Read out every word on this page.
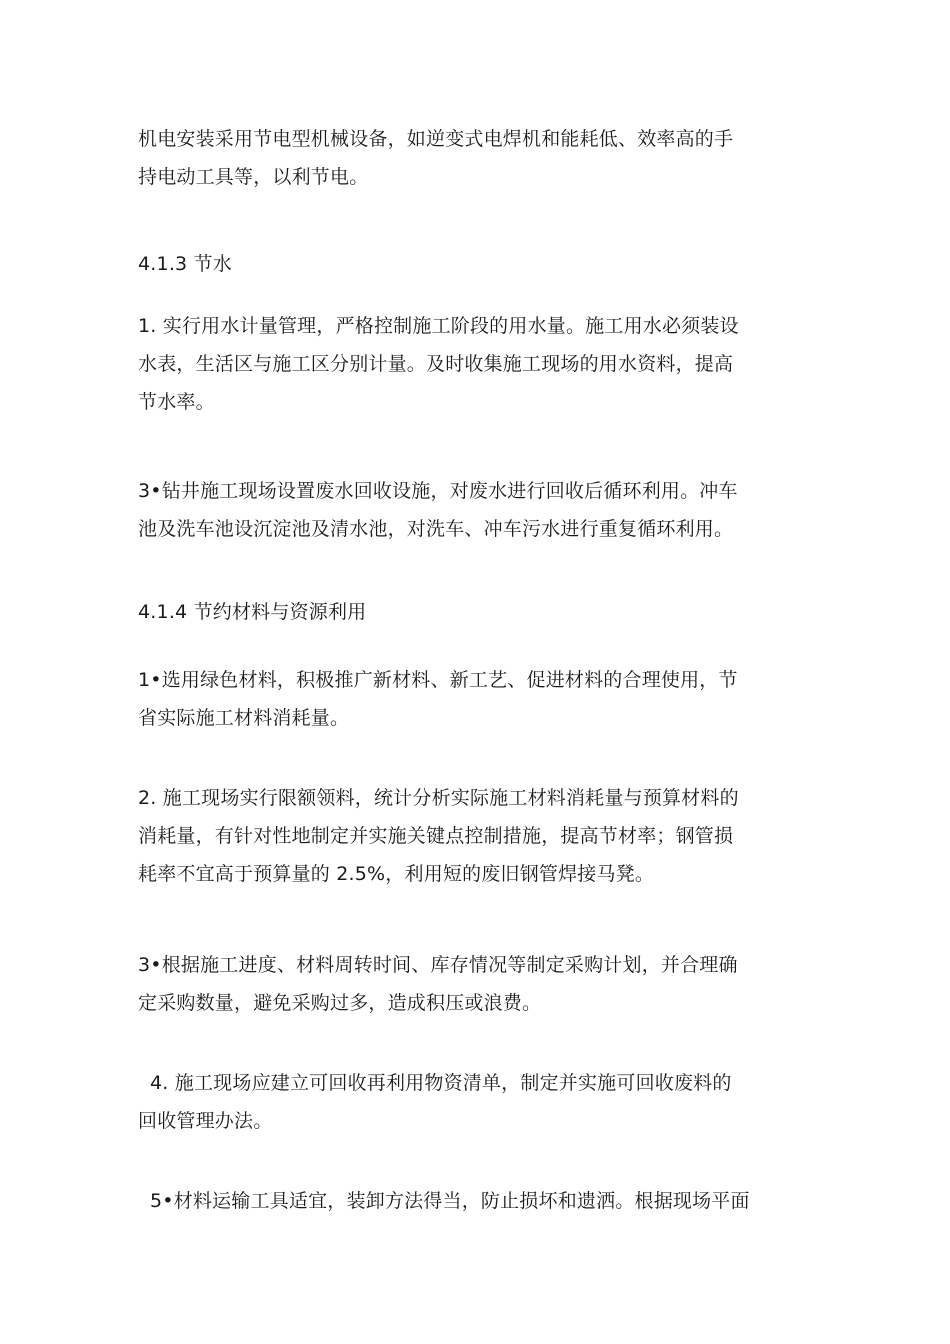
机电安装采用节电型机械设备，如逆变式电焊机和能耗低、效率高的手
持电动工具等，以利节电。

4.1.3 节水

1. 实行用水计量管理，严格控制施工阶段的用水量。施工用水必须装设
水表，生活区与施工区分别计量。及时收集施工现场的用水资料，提高
节水率。

3•钻井施工现场设置废水回收设施，对废水进行回收后循环利用。冲车
池及洗车池设沉淀池及清水池，对洗车、冲车污水进行重复循环利用。

4.1.4 节约材料与资源利用

1•选用绿色材料，积极推广新材料、新工艺、促进材料的合理使用，节
省实际施工材料消耗量。

2. 施工现场实行限额领料，统计分析实际施工材料消耗量与预算材料的
消耗量，有针对性地制定并实施关键点控制措施，提高节材率；钢管损
耗率不宜高于预算量的 2.5%，利用短的废旧钢管焊接马凳。

3•根据施工进度、材料周转时间、库存情况等制定采购计划，并合理确
定采购数量，避免采购过多，造成积压或浪费。

4. 施工现场应建立可回收再利用物资清单，制定并实施可回收废料的
回收管理办法。

5•材料运输工具适宜，装卸方法得当，防止损坏和遗洒。根据现场平面
